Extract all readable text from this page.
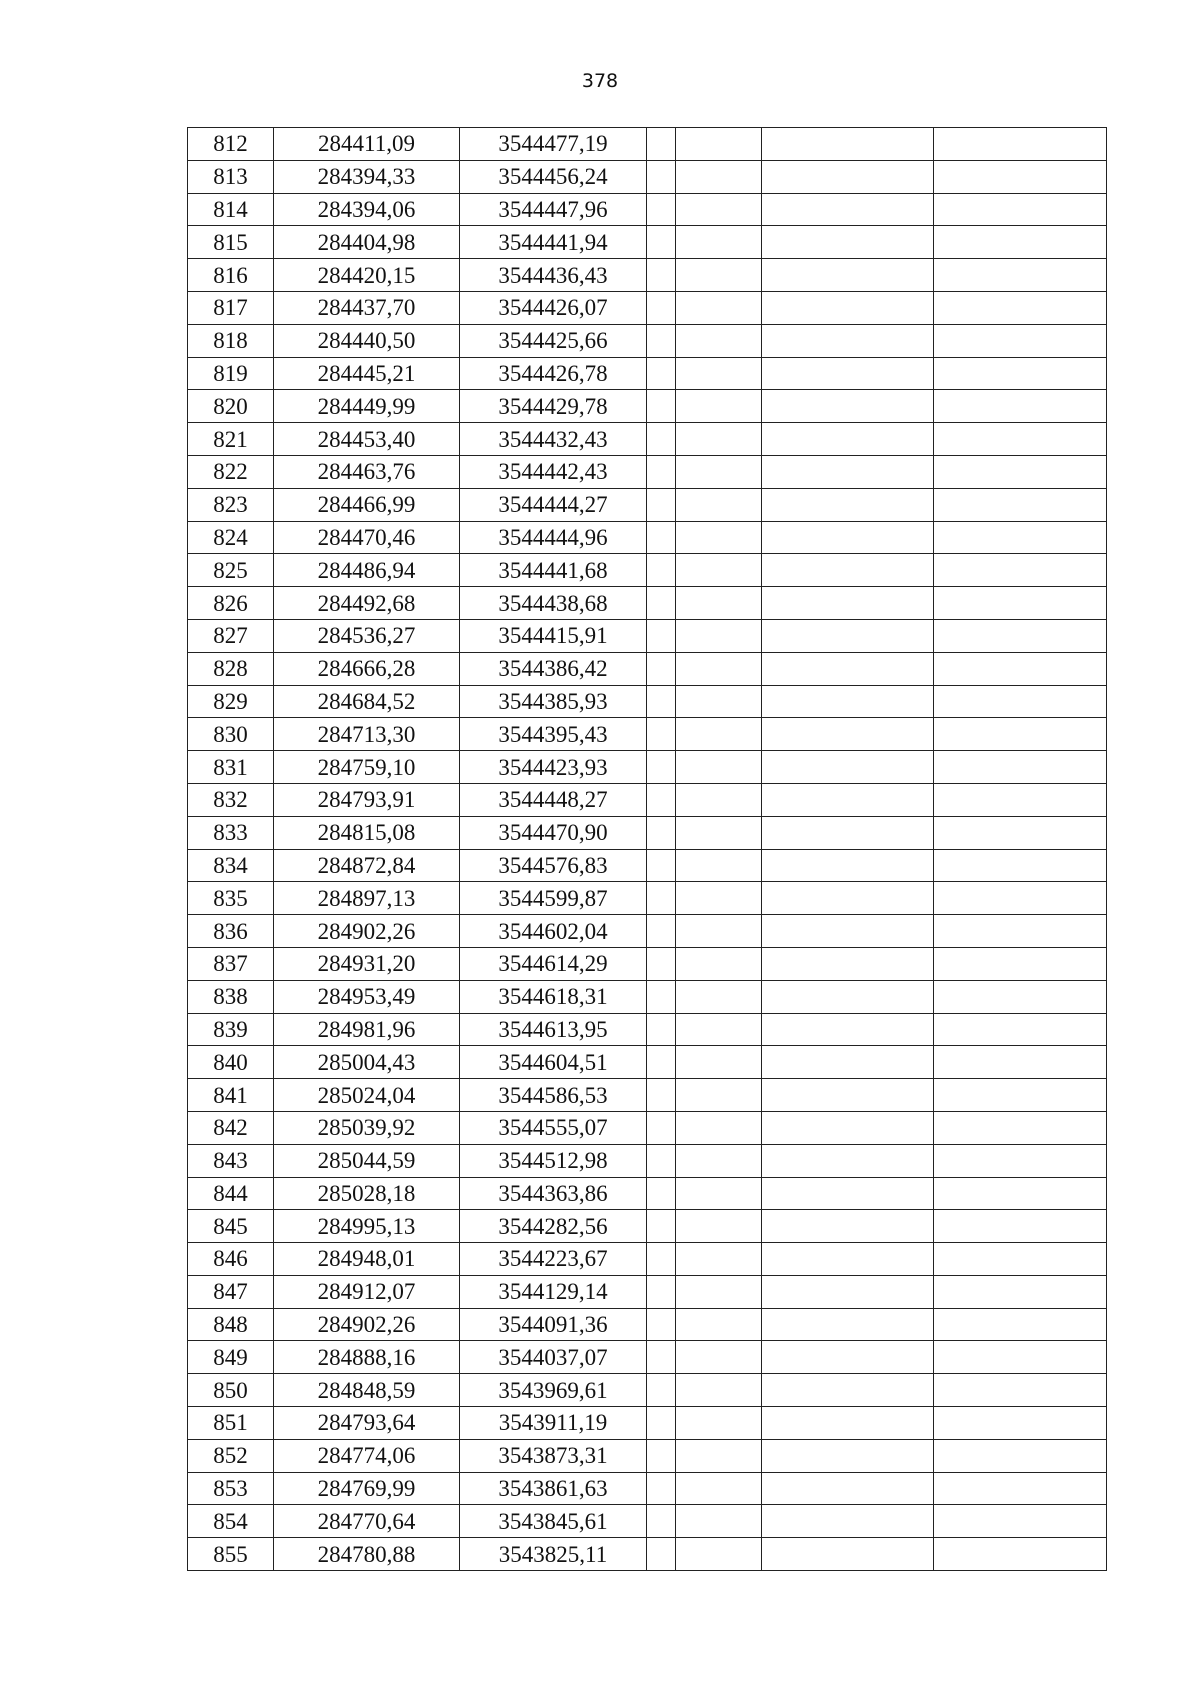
378
812	284411,09	3544477,19				
813	284394,33	3544456,24				
814	284394,06	3544447,96				
815	284404,98	3544441,94				
816	284420,15	3544436,43				
817	284437,70	3544426,07				
818	284440,50	3544425,66				
819	284445,21	3544426,78				
820	284449,99	3544429,78				
821	284453,40	3544432,43				
822	284463,76	3544442,43				
823	284466,99	3544444,27				
824	284470,46	3544444,96				
825	284486,94	3544441,68				
826	284492,68	3544438,68				
827	284536,27	3544415,91				
828	284666,28	3544386,42				
829	284684,52	3544385,93				
830	284713,30	3544395,43				
831	284759,10	3544423,93				
832	284793,91	3544448,27				
833	284815,08	3544470,90				
834	284872,84	3544576,83				
835	284897,13	3544599,87				
836	284902,26	3544602,04				
837	284931,20	3544614,29				
838	284953,49	3544618,31				
839	284981,96	3544613,95				
840	285004,43	3544604,51				
841	285024,04	3544586,53				
842	285039,92	3544555,07				
843	285044,59	3544512,98				
844	285028,18	3544363,86				
845	284995,13	3544282,56				
846	284948,01	3544223,67				
847	284912,07	3544129,14				
848	284902,26	3544091,36				
849	284888,16	3544037,07				
850	284848,59	3543969,61				
851	284793,64	3543911,19				
852	284774,06	3543873,31				
853	284769,99	3543861,63				
854	284770,64	3543845,61				
855	284780,88	3543825,11				
